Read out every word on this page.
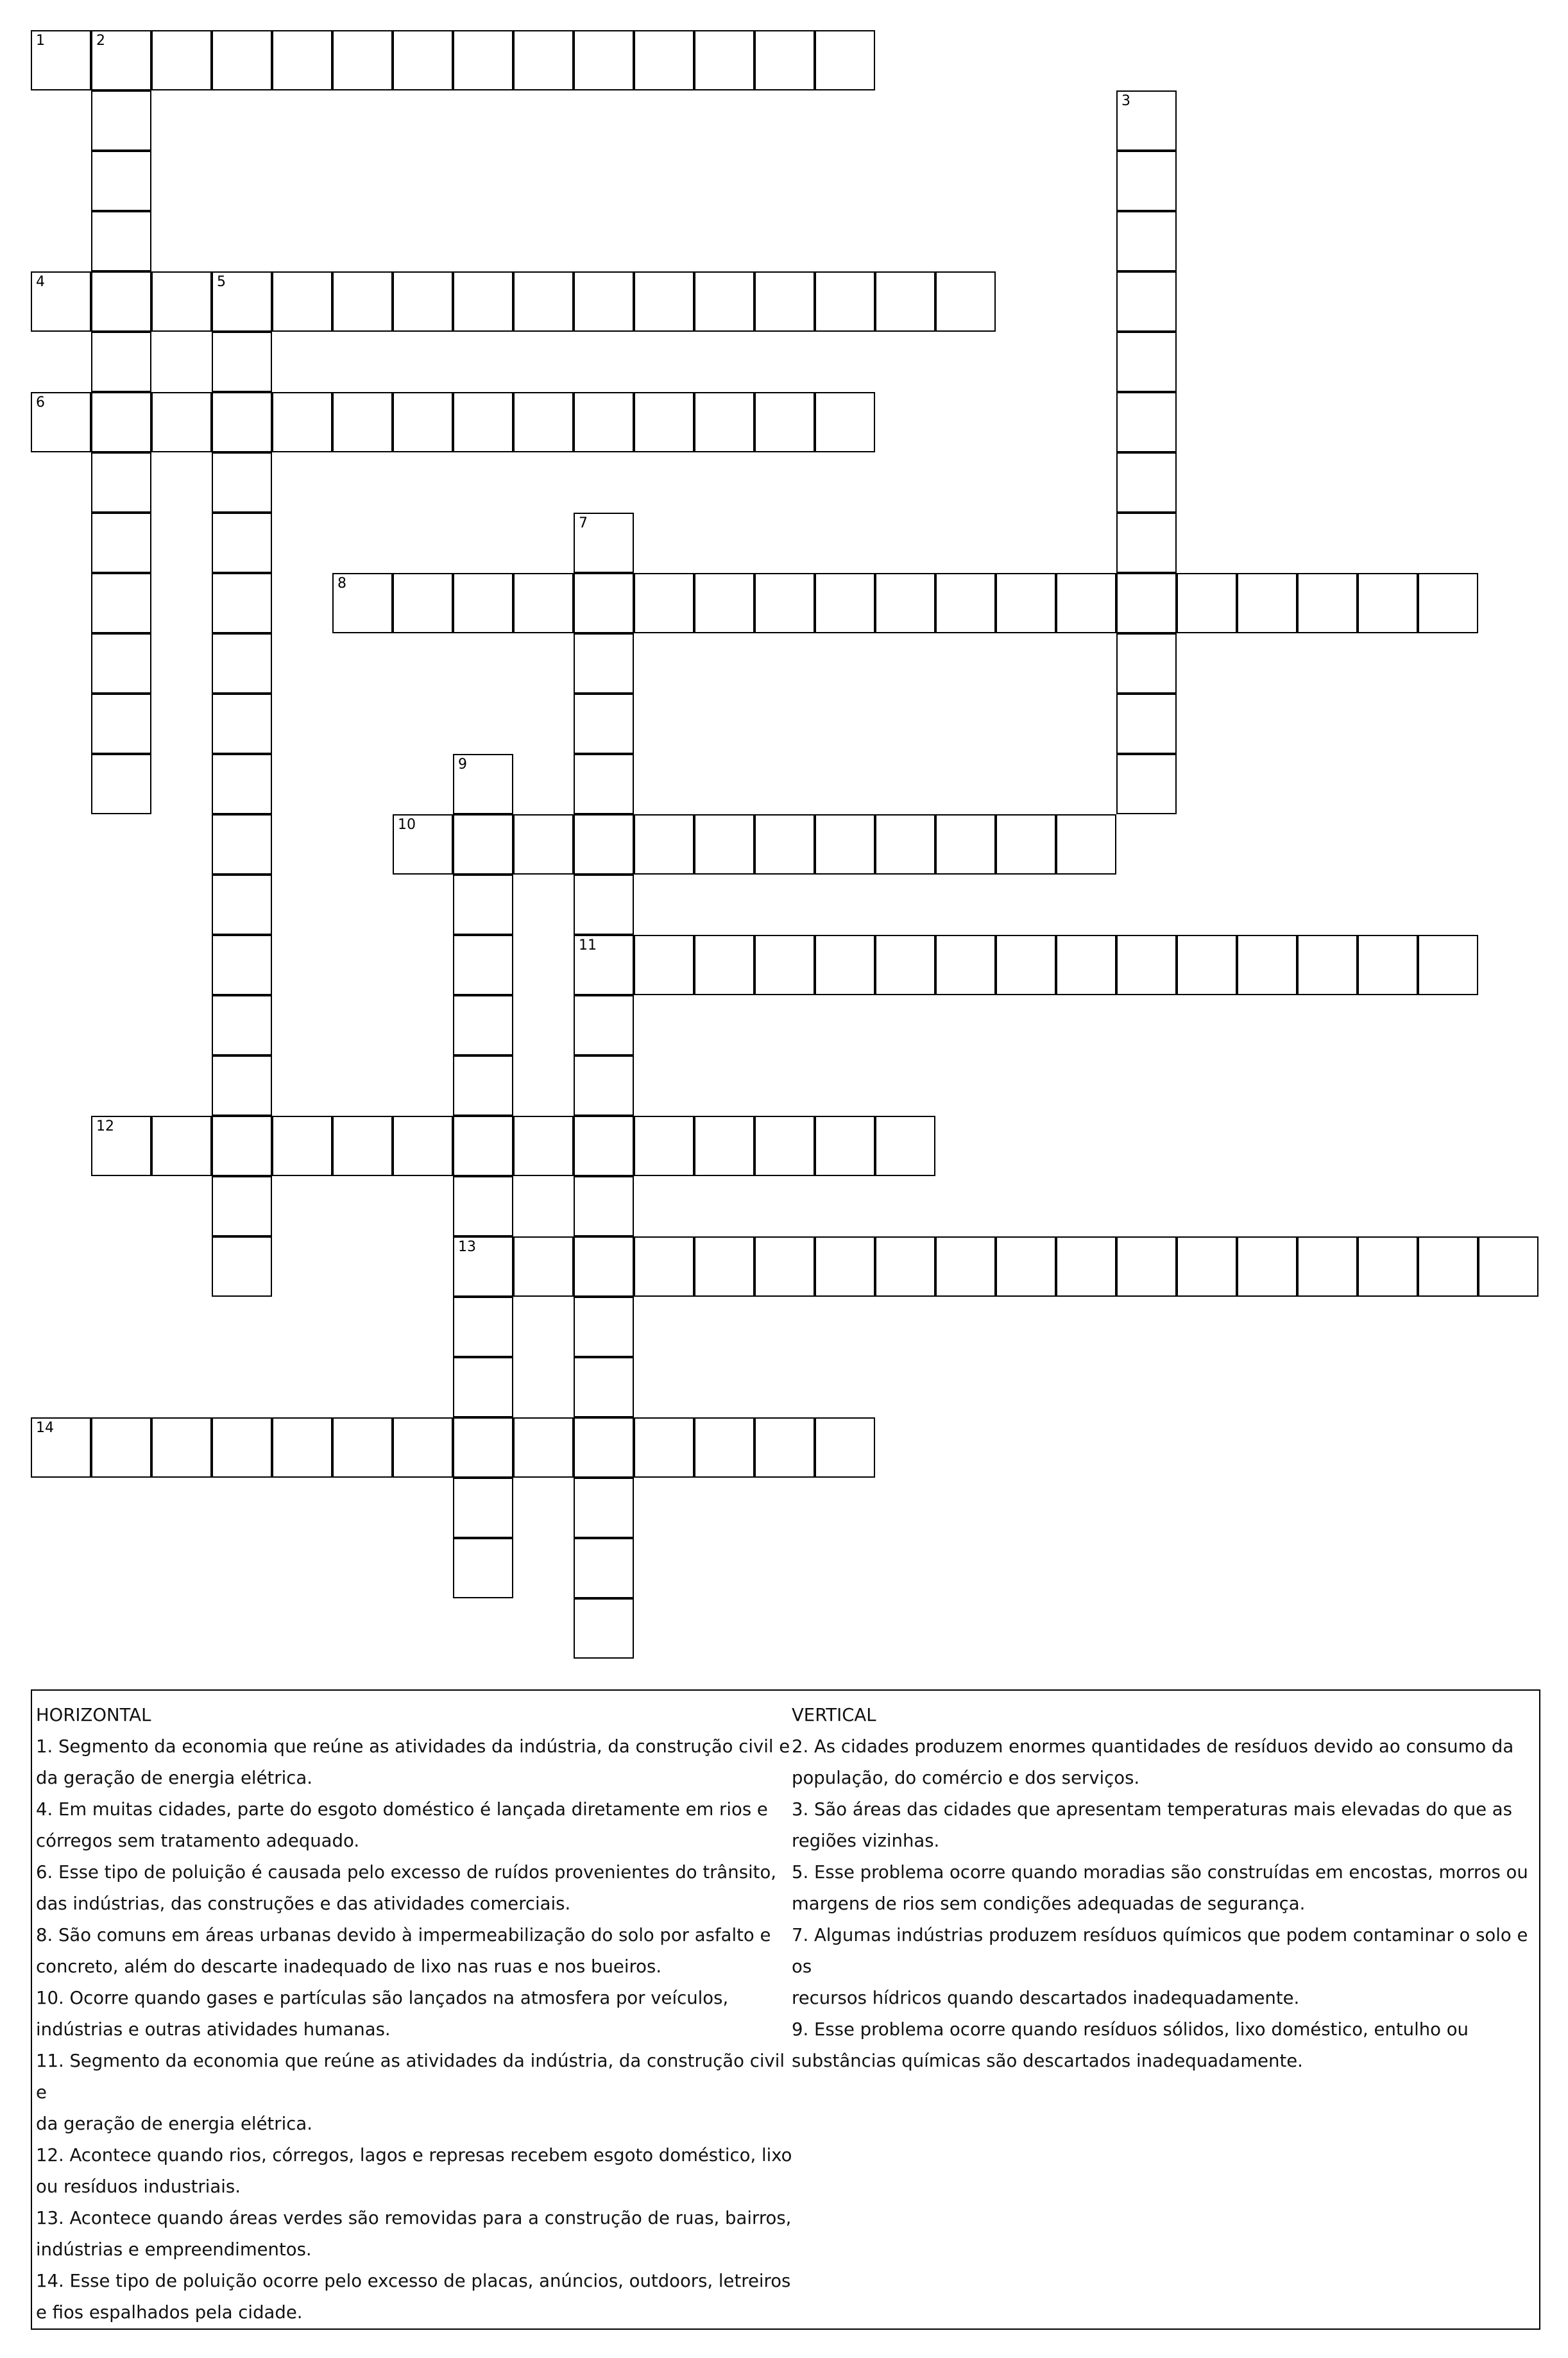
1	2
3
4	5
6
7
11
8
9
13
10
12
14

HORIZONTAL

1. Segmento da economia que reúne as atividades da indústria, da construção civil e

da geração de energia elétrica.

4. Em muitas cidades, parte do esgoto doméstico é lançada diretamente em rios e

córregos sem tratamento adequado.

6. Esse tipo de poluição é causada pelo excesso de ruídos provenientes do trânsito,

das indústrias, das construções e das atividades comerciais.

8. São comuns em áreas urbanas devido à impermeabilização do solo por asfalto e

concreto, além do descarte inadequado de lixo nas ruas e nos bueiros.

10. Ocorre quando gases e partículas são lançados na atmosfera por veículos,

indústrias e outras atividades humanas.

11. Segmento da economia que reúne as atividades da indústria, da construção civil e

da geração de energia elétrica.

12. Acontece quando rios, córregos, lagos e represas recebem esgoto doméstico, lixo

ou resíduos industriais.

13. Acontece quando áreas verdes são removidas para a construção de ruas, bairros,

indústrias e empreendimentos.

14. Esse tipo de poluição ocorre pelo excesso de placas, anúncios, outdoors, letreiros

e fios espalhados pela cidade.

VERTICAL

2. As cidades produzem enormes quantidades de resíduos devido ao consumo da

população, do comércio e dos serviços.

3. São áreas das cidades que apresentam temperaturas mais elevadas do que as

regiões vizinhas.

5. Esse problema ocorre quando moradias são construídas em encostas, morros ou

margens de rios sem condições adequadas de segurança.

7. Algumas indústrias produzem resíduos químicos que podem contaminar o solo e os

recursos hídricos quando descartados inadequadamente.

9. Esse problema ocorre quando resíduos sólidos, lixo doméstico, entulho ou

substâncias químicas são descartados inadequadamente.
